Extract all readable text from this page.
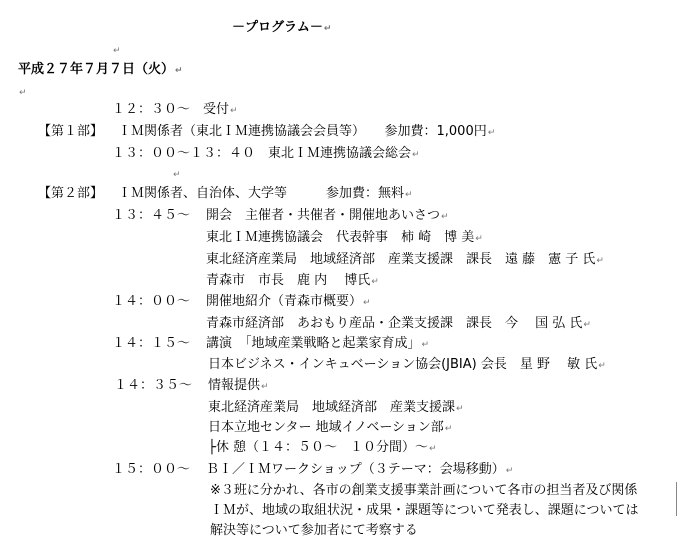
－プログラム－↵
↵
平成２７年７月７日（火）↵
↵
１２：３０～　受付↵
【第１部】 ＩＭ関係者（東北ＩＭ連携協議会会員等）　　参加費：1,000円↵
１３：００～１３：４０　東北ＩＭ連携協議会総会↵
↵
【第２部】 ＩＭ関係者、自治体、大学等　　　参加費：無料↵
１３：４５～ 開会　主催者・共催者・開催地あいさつ↵
東北ＩＭ連携協議会　代表幹事　柿 崎　博 美↵
東北経済産業局　地域経済部　産業支援課　課長　遠 藤　憲 子 氏↵
青森市　市長　鹿 内　 博氏↵
１４：００～ 開催地紹介（青森市概要）↵
青森市経済部　あおもり産品・企業支援課　課長　今　 国 弘 氏↵
１４：１５～ 講演　「地域産業戦略と起業家育成」↵
日本ビジネス・インキュベーション協会(JBIA) 会長　星 野　 敏 氏↵
１４：３５～ 情報提供↵
東北経済産業局　地域経済部　産業支援課↵
日本立地センター 地域イノベーション部↵
├休 憩（１４：５０～　１０分間）～↵
１５：００～ ＢＩ／ＩＭワークショップ（３テーマ：会場移動）↵
※３班に分かれ、各市の創業支援事業計画について各市の担当者及び関係
ＩＭが、地域の取組状況・成果・課題等について発表し、課題については
解決等について参加者にて考察する
